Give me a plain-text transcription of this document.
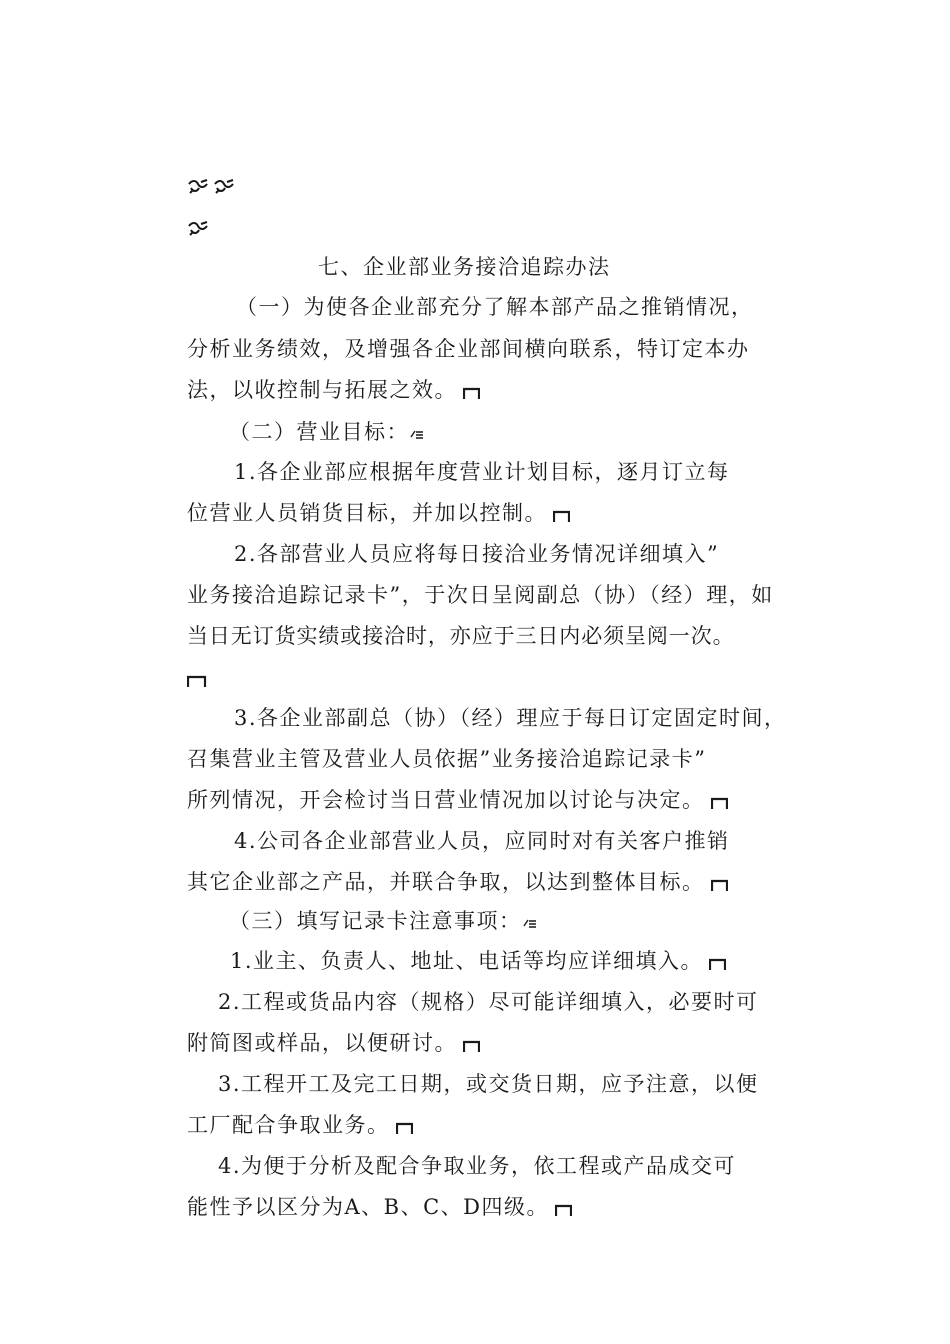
七、企业部业务接洽追踪办法
（一）为使各企业部充分了解本部产品之推销情况，
分析业务绩效，及增强各企业部间横向联系，特订定本办
法，以收控制与拓展之效。
（二）营业目标：
1.各企业部应根据年度营业计划目标，逐月订立每
位营业人员销货目标，并加以控制。
2.各部营业人员应将每日接洽业务情况详细填入”
业务接洽追踪记录卡”，于次日呈阅副总（协）（经）理，如
当日无订货实绩或接洽时，亦应于三日内必须呈阅一次。
3.各企业部副总（协）（经）理应于每日订定固定时间，
召集营业主管及营业人员依据”业务接洽追踪记录卡”
所列情况，开会检讨当日营业情况加以讨论与决定。
4.公司各企业部营业人员，应同时对有关客户推销
其它企业部之产品，并联合争取，以达到整体目标。
（三）填写记录卡注意事项：
1.业主、负责人、地址、电话等均应详细填入。
2.工程或货品内容（规格）尽可能详细填入，必要时可
附简图或样品，以便研讨。
3.工程开工及完工日期，或交货日期，应予注意，以便
工厂配合争取业务。
4.为便于分析及配合争取业务，依工程或产品成交可
能性予以区分为A、B、C、D四级。
